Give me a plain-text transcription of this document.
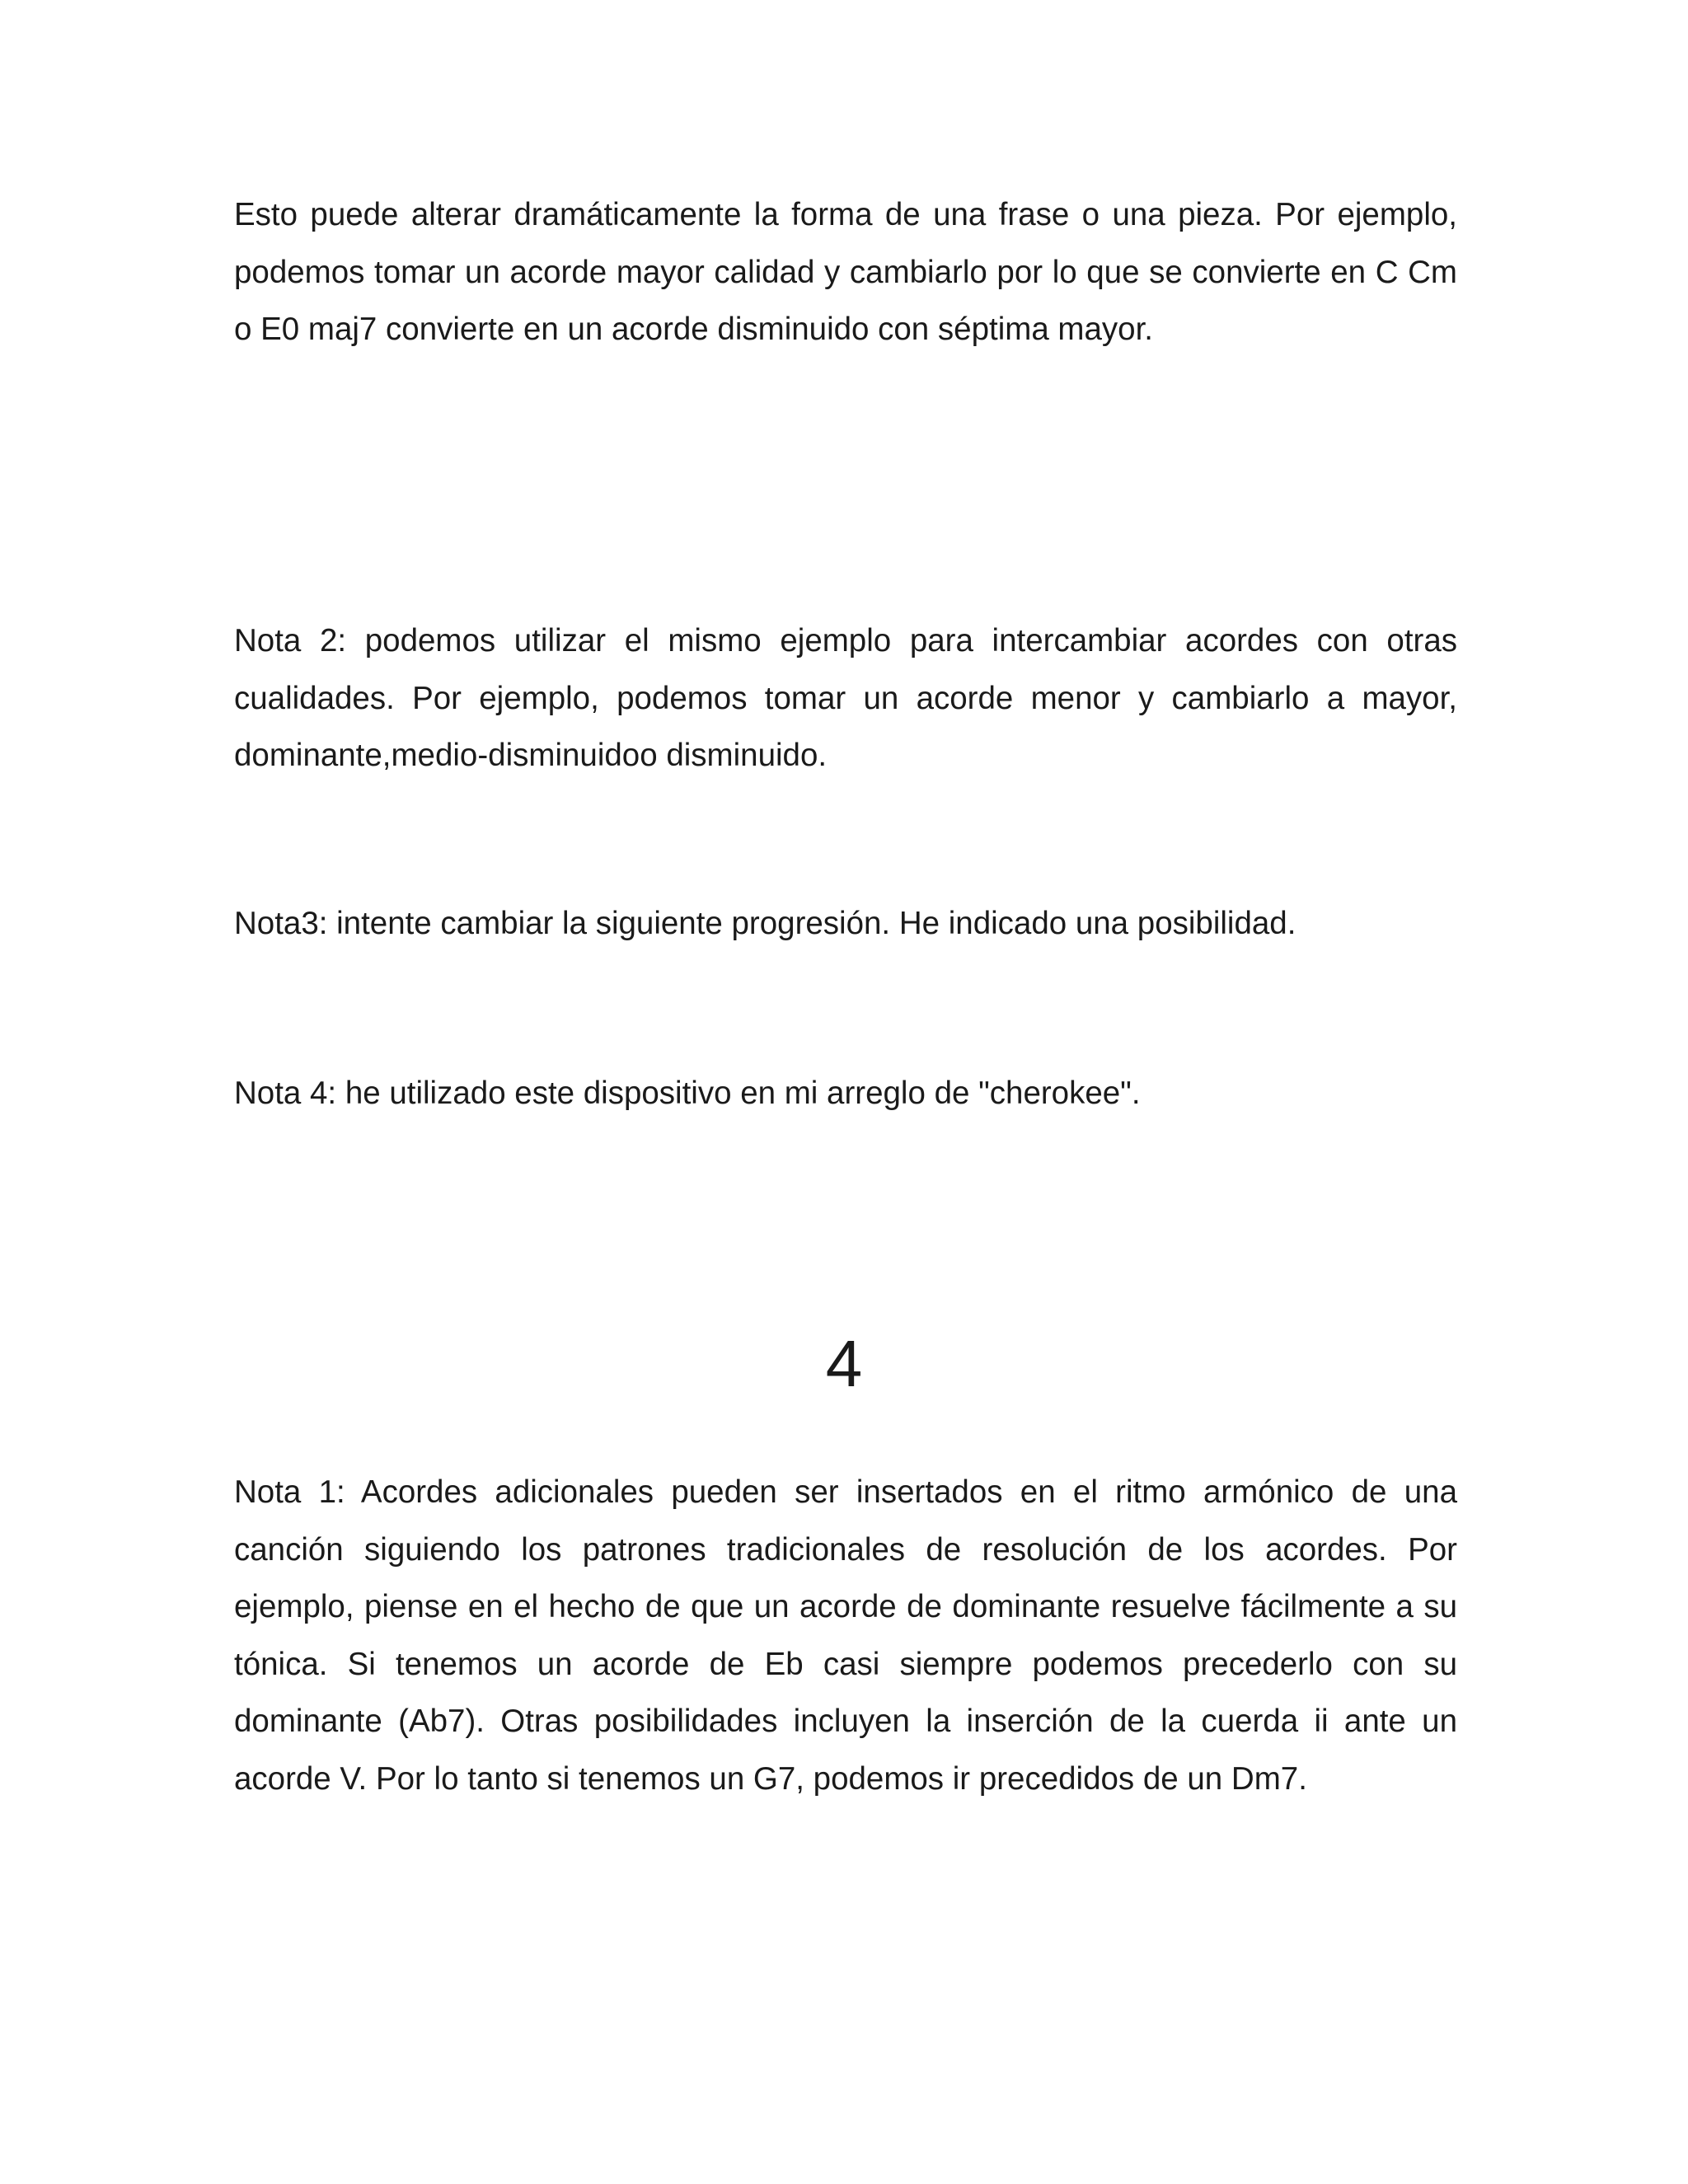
Esto puede alterar dramáticamente la forma de una frase o una pieza. Por ejemplo, podemos tomar un acorde mayor calidad y cambiarlo por lo que se convierte en C Cm o E0 maj7 convierte en un acorde disminuido con séptima mayor.

Nota 2: podemos utilizar el mismo ejemplo para intercambiar acordes con otras cualidades. Por ejemplo, podemos tomar un acorde menor y cambiarlo a mayor, dominante,medio-disminuidoo disminuido.

Nota3: intente cambiar la siguiente progresión. He indicado una posibilidad.

Nota 4: he utilizado este dispositivo en mi arreglo de "cherokee".

4

Nota 1: Acordes adicionales pueden ser insertados en el ritmo armónico de una canción siguiendo los patrones tradicionales de resolución de los acordes. Por ejemplo, piense en el hecho de que un acorde de dominante resuelve fácilmente a su tónica. Si tenemos un acorde de Eb casi siempre podemos precederlo con su dominante (Ab7). Otras posibilidades incluyen la inserción de la cuerda ii ante un acorde V. Por lo tanto si tenemos un G7, podemos ir precedidos de un Dm7.
